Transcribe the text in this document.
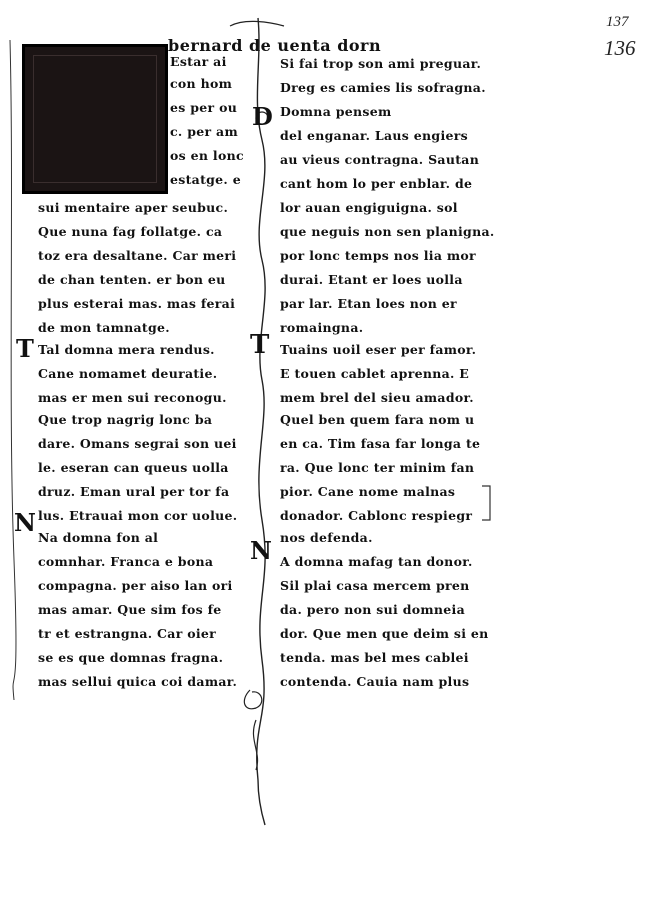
137
136
bernard de uenta dorn
T
N
D
T
N
Estar ai
con hom
es per ou
c. per am
os en lonc
estatge. e
sui mentaire aper seubuc.
Que nuna fag follatge. ca
toz era desaltane. Car meri
de chan tenten. er bon eu
plus esterai mas. mas ferai
de mon tamnatge.
Tal domna mera rendus.
Cane nomamet deuratie.
mas er men sui reconogu.
Que trop nagrig lonc ba
dare. Omans segrai son uei
le. eseran can queus uolla
druz. Eman ural per tor fa
lus. Etrauai mon cor uolue.
Na domna fon al
comnhar. Franca e bona
compagna. per aiso lan ori
mas amar. Que sim fos fe
tr et estrangna. Car oier
se es que domnas fragna.
mas sellui quica coi damar.
Si fai trop son ami preguar.
Dreg es camies lis sofragna.
Domna pensem
del enganar. Laus engiers
au vieus contragna. Sautan
cant hom lo per enblar. de
lor auan engiguigna. sol
que neguis non sen planigna.
por lonc temps nos lia mor
durai. Etant er loes uolla
par lar. Etan loes non er
romaingna.
Tuains uoil eser per famor.
E touen cablet aprenna. E
mem brel del sieu amador.
Quel ben quem fara nom u
en ca. Tim fasa far longa te
ra. Que lonc ter minim fan
pior. Cane nome malnas
donador. Cablonc respiegr
nos defenda.
A domna mafag tan donor.
Sil plai casa mercem pren
da. pero non sui domneia
dor. Que men que deim si en
tenda. mas bel mes cablei
contenda. Cauia nam plus
